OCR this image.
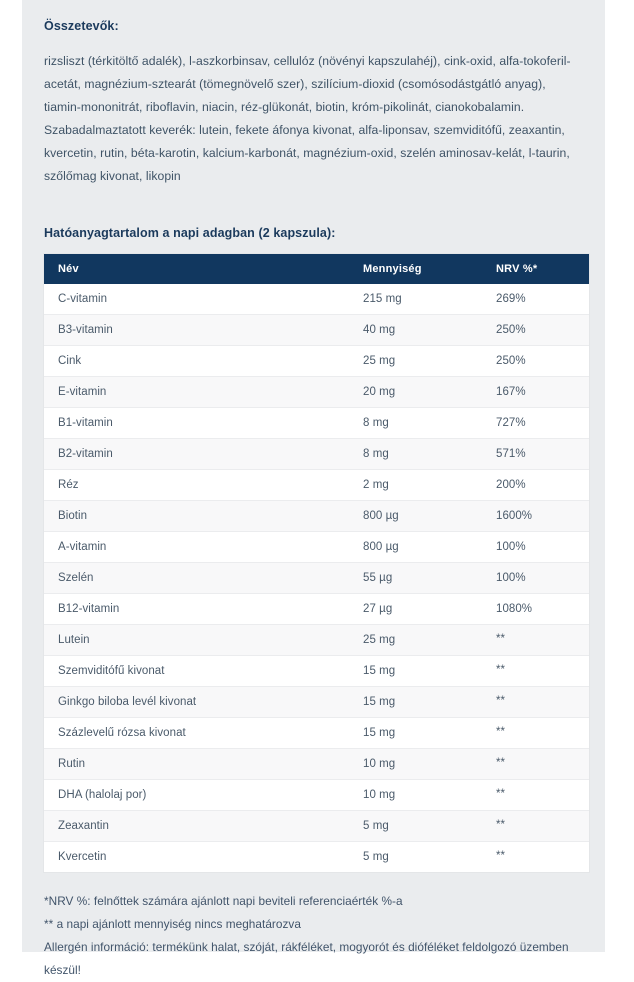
Összetevők:

rizsliszt (térkitöltő adalék), l-aszkorbinsav, cellulóz (növényi kapszulahéj), cink-oxid, alfa-tokoferil-acetát, magnézium-sztearát (tömegnövelő szer), szilícium-dioxid (csomósodástgátló anyag), tiamin-mononitrát, riboflavin, niacin, réz-glükonát, biotin, króm-pikolinát, cianokobalamin. Szabadalmaztatott keverék: lutein, fekete áfonya kivonat, alfa-liponsav, szemviditófű, zeaxantin, kvercetin, rutin, béta-karotin, kalcium-karbonát, magnézium-oxid, szelén aminosav-kelát, l-taurin, szőlőmag kivonat, likopin

Hatóanyagtartalom a napi adagban (2 kapszula):
Név	Mennyiség	NRV %*
C-vitamin	215 mg	269%
B3-vitamin	40 mg	250%
Cink	25 mg	250%
E-vitamin	20 mg	167%
B1-vitamin	8 mg	727%
B2-vitamin	8 mg	571%
Réz	2 mg	200%
Biotin	800 µg	1600%
A-vitamin	800 µg	100%
Szelén	55 µg	100%
B12-vitamin	27 µg	1080%
Lutein	25 mg	**
Szemviditófű kivonat	15 mg	**
Ginkgo biloba levél kivonat	15 mg	**
Százlevelű rózsa kivonat	15 mg	**
Rutin	10 mg	**
DHA (halolaj por)	10 mg	**
Zeaxantin	5 mg	**
Kvercetin	5 mg	**
*NRV %: felnőttek számára ajánlott napi beviteli referenciaérték %-a
** a napi ajánlott mennyiség nincs meghatározva
Allergén információ: termékünk halat, szóját, rákféléket, mogyorót és dióféléket feldolgozó üzemben készül!
